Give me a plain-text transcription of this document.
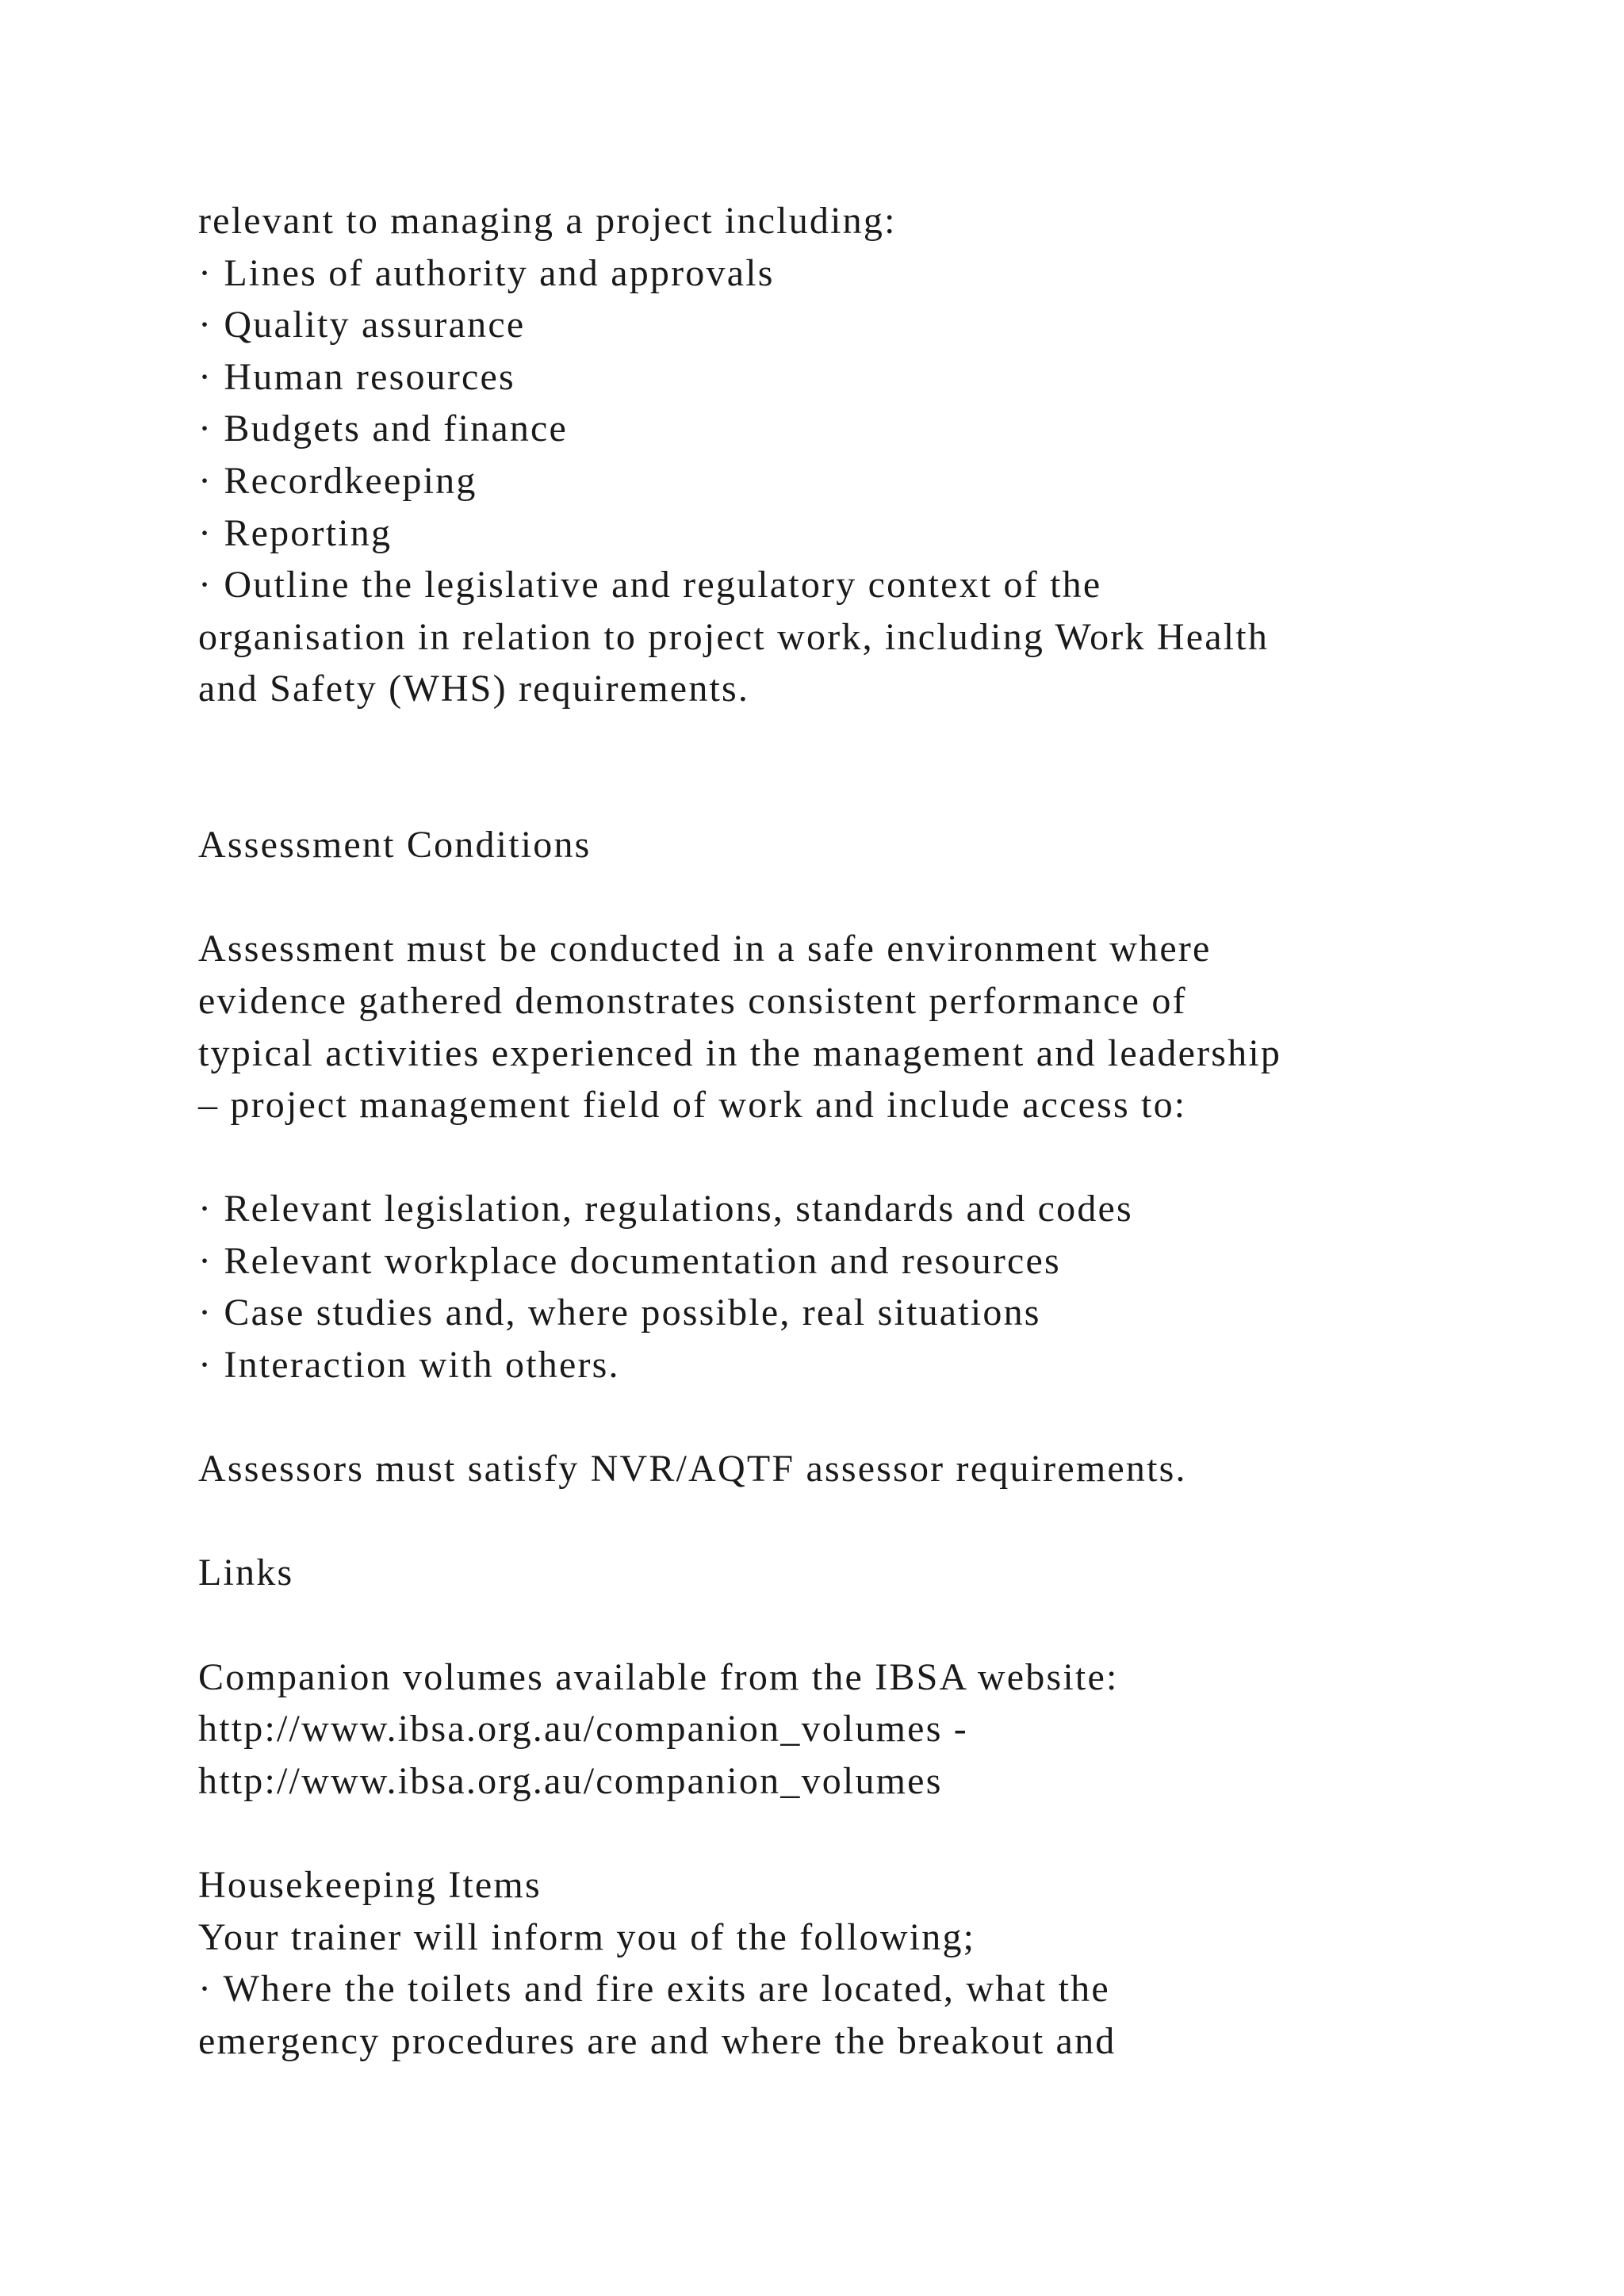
relevant to managing a project including:
· Lines of authority and approvals
· Quality assurance
· Human resources
· Budgets and finance
· Recordkeeping
· Reporting
· Outline the legislative and regulatory context of the
organisation in relation to project work, including Work Health
and Safety (WHS) requirements.
Assessment Conditions
Assessment must be conducted in a safe environment where
evidence gathered demonstrates consistent performance of
typical activities experienced in the management and leadership
– project management field of work and include access to:
· Relevant legislation, regulations, standards and codes
· Relevant workplace documentation and resources
· Case studies and, where possible, real situations
· Interaction with others.
Assessors must satisfy NVR/AQTF assessor requirements.
Links
Companion volumes available from the IBSA website:
http://www.ibsa.org.au/companion_volumes -
http://www.ibsa.org.au/companion_volumes
Housekeeping Items
Your trainer will inform you of the following;
· Where the toilets and fire exits are located, what the
emergency procedures are and where the breakout and
